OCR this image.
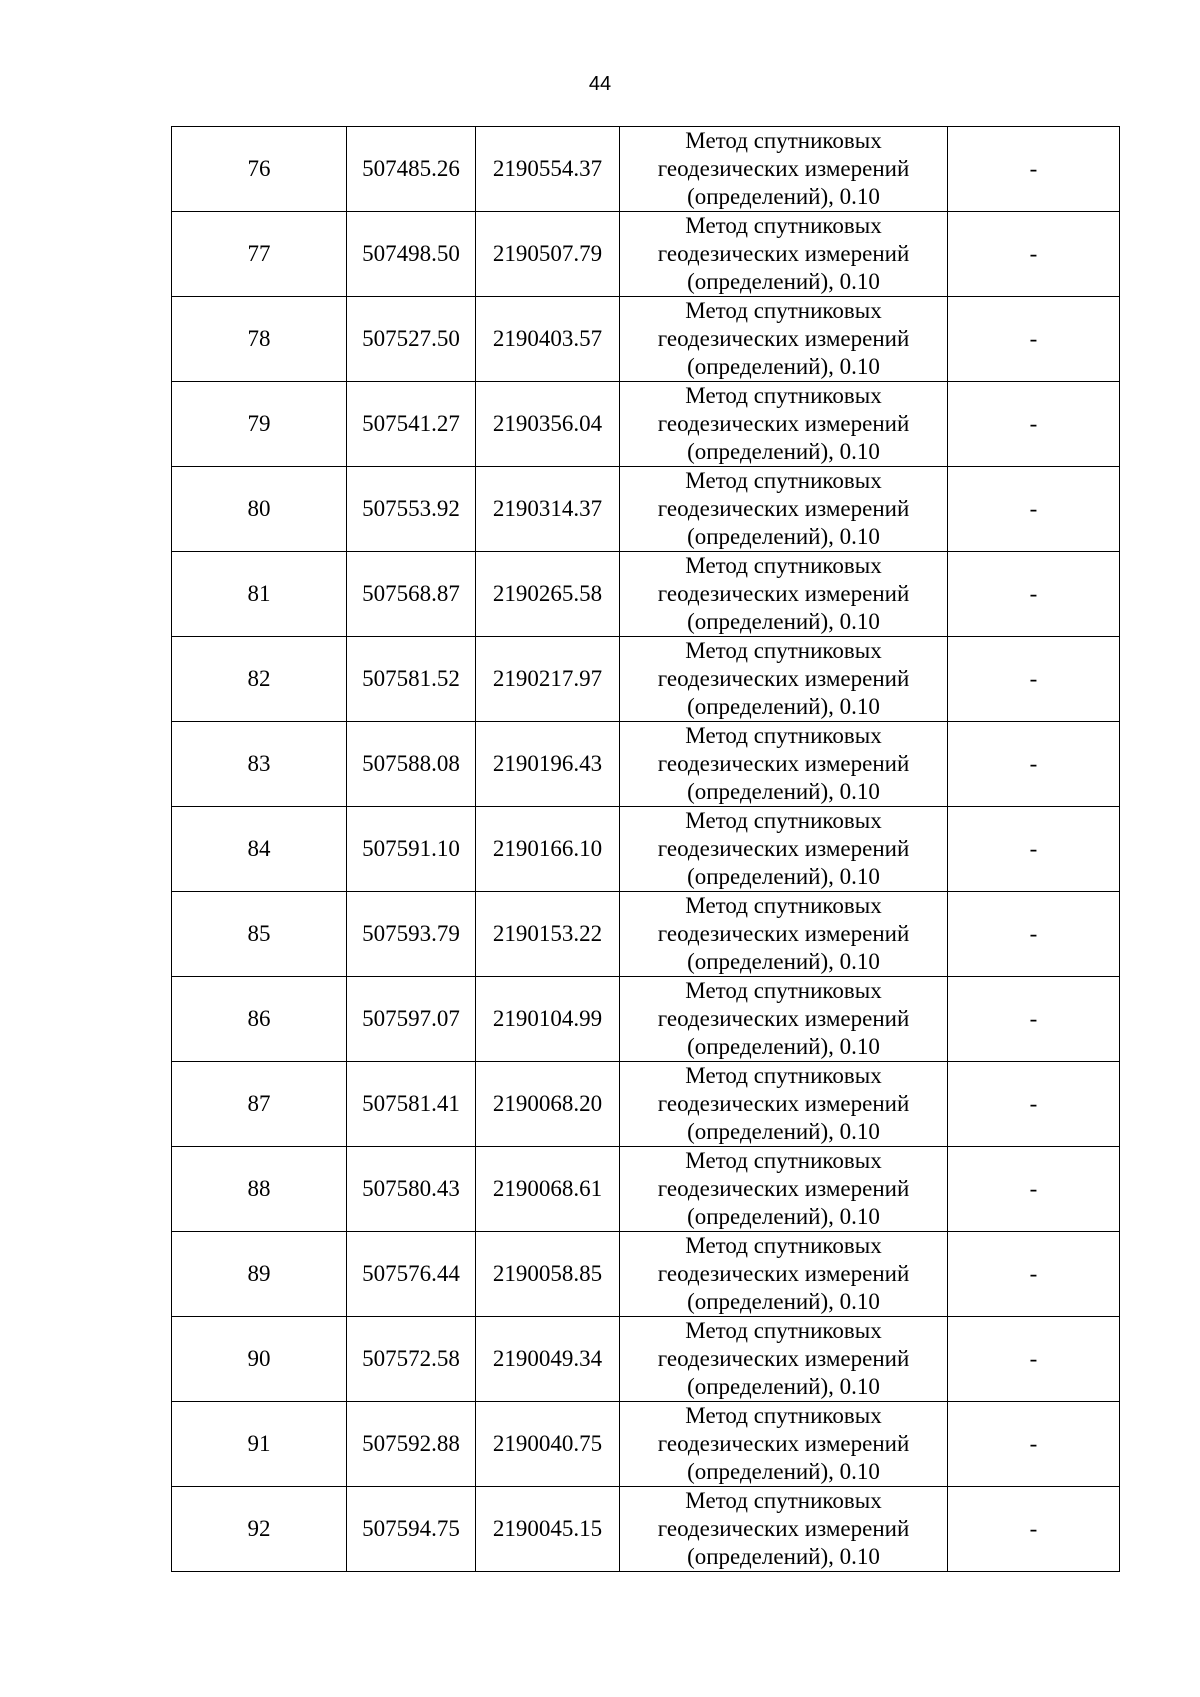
44
76	507485.26	2190554.37	Метод спутниковых
геодезических измерений
(определений), 0.10	-
77	507498.50	2190507.79	Метод спутниковых
геодезических измерений
(определений), 0.10	-
78	507527.50	2190403.57	Метод спутниковых
геодезических измерений
(определений), 0.10	-
79	507541.27	2190356.04	Метод спутниковых
геодезических измерений
(определений), 0.10	-
80	507553.92	2190314.37	Метод спутниковых
геодезических измерений
(определений), 0.10	-
81	507568.87	2190265.58	Метод спутниковых
геодезических измерений
(определений), 0.10	-
82	507581.52	2190217.97	Метод спутниковых
геодезических измерений
(определений), 0.10	-
83	507588.08	2190196.43	Метод спутниковых
геодезических измерений
(определений), 0.10	-
84	507591.10	2190166.10	Метод спутниковых
геодезических измерений
(определений), 0.10	-
85	507593.79	2190153.22	Метод спутниковых
геодезических измерений
(определений), 0.10	-
86	507597.07	2190104.99	Метод спутниковых
геодезических измерений
(определений), 0.10	-
87	507581.41	2190068.20	Метод спутниковых
геодезических измерений
(определений), 0.10	-
88	507580.43	2190068.61	Метод спутниковых
геодезических измерений
(определений), 0.10	-
89	507576.44	2190058.85	Метод спутниковых
геодезических измерений
(определений), 0.10	-
90	507572.58	2190049.34	Метод спутниковых
геодезических измерений
(определений), 0.10	-
91	507592.88	2190040.75	Метод спутниковых
геодезических измерений
(определений), 0.10	-
92	507594.75	2190045.15	Метод спутниковых
геодезических измерений
(определений), 0.10	-
